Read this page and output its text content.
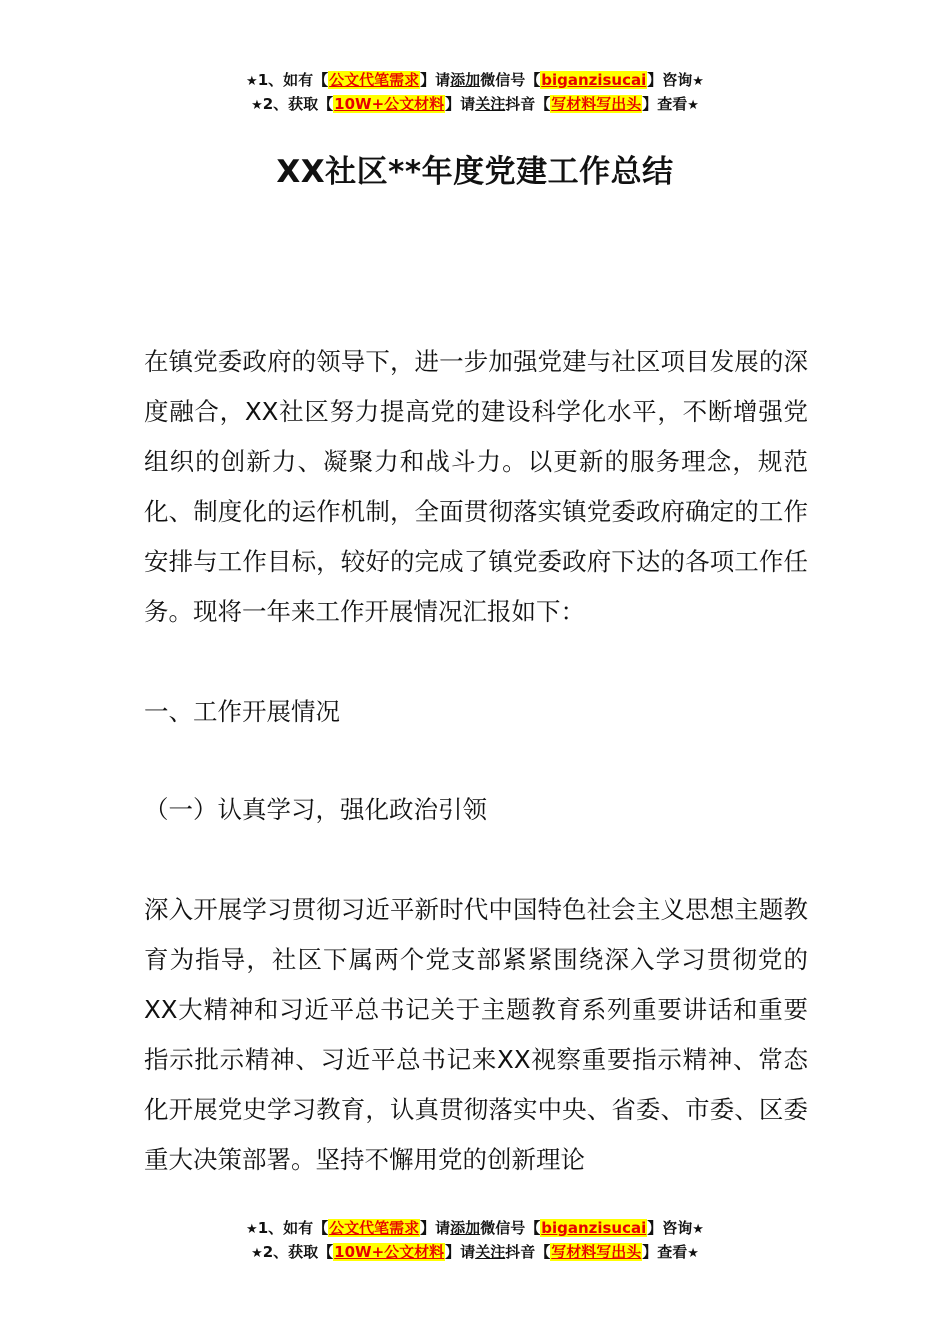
★1、如有【公文代笔需求】请添加微信号【biganzisucai】咨询★
★2、获取【10W+公文材料】请关注抖音【写材料写出头】查看★
XX社区**年度党建工作总结

在镇党委政府的领导下，进一步加强党建与社区项目发展的深度融合，XX社区努力提高党的建设科学化水平，不断增强党组织的创新力、凝聚力和战斗力。以更新的服务理念，规范化、制度化的运作机制，全面贯彻落实镇党委政府确定的工作安排与工作目标，较好的完成了镇党委政府下达的各项工作任务。现将一年来工作开展情况汇报如下：

一、工作开展情况

（一）认真学习，强化政治引领

深入开展学习贯彻习近平新时代中国特色社会主义思想主题教育为指导，社区下属两个党支部紧紧围绕深入学习贯彻党的XX大精神和习近平总书记关于主题教育系列重要讲话和重要指示批示精神、习近平总书记来XX视察重要指示精神、常态化开展党史学习教育，认真贯彻落实中央、省委、市委、区委重大决策部署。坚持不懈用党的创新理论

★1、如有【公文代笔需求】请添加微信号【biganzisucai】咨询★
★2、获取【10W+公文材料】请关注抖音【写材料写出头】查看★
